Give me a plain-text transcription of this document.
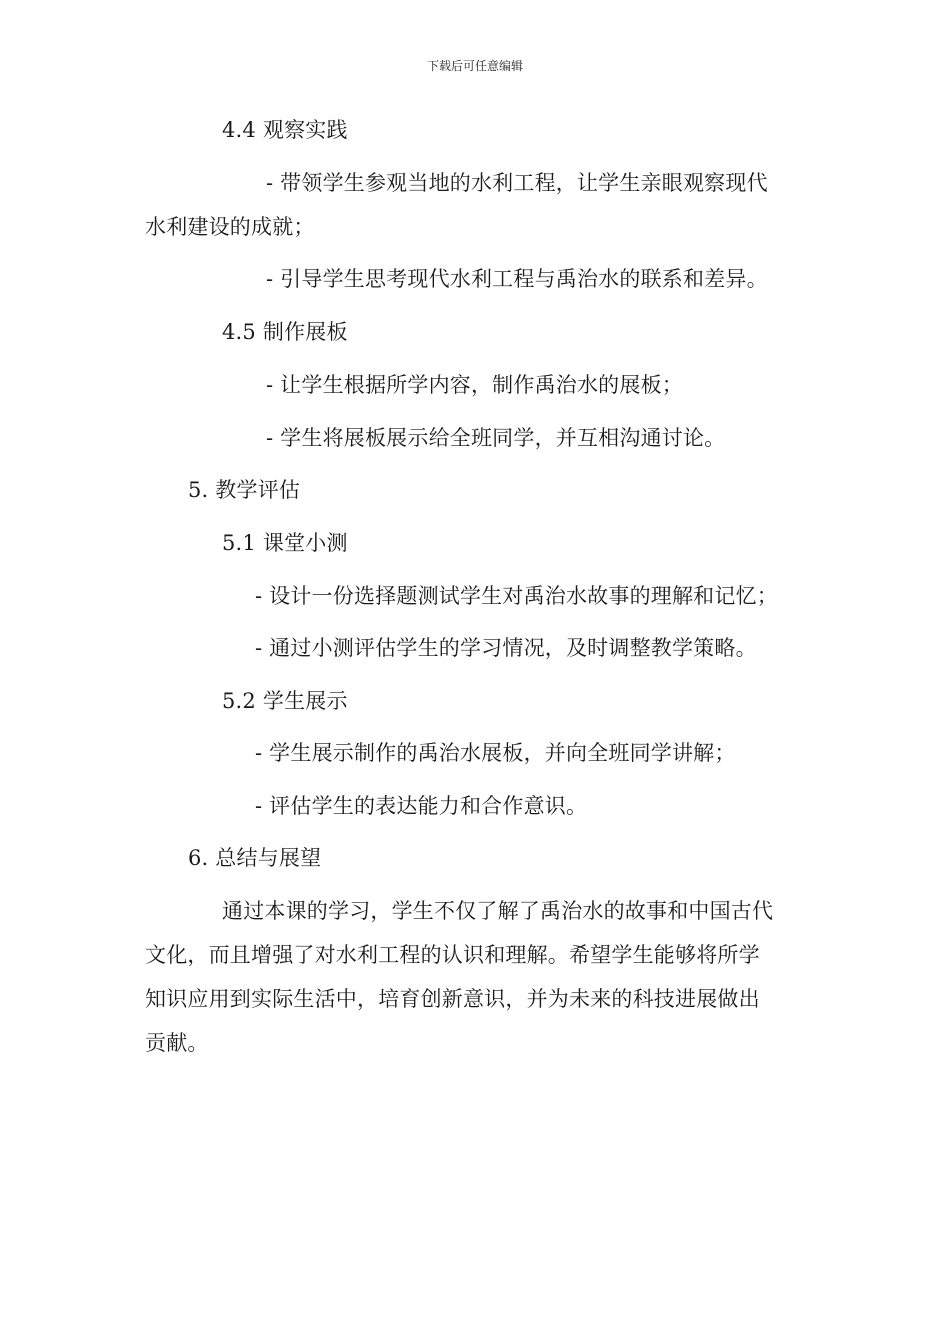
下载后可任意编辑
4.4 观察实践
- 带领学生参观当地的水利工程，让学生亲眼观察现代
水利建设的成就；
- 引导学生思考现代水利工程与禹治水的联系和差异。
4.5 制作展板
- 让学生根据所学内容，制作禹治水的展板；
- 学生将展板展示给全班同学，并互相沟通讨论。
5. 教学评估
5.1 课堂小测
- 设计一份选择题测试学生对禹治水故事的理解和记忆；
- 通过小测评估学生的学习情况，及时调整教学策略。
5.2 学生展示
- 学生展示制作的禹治水展板，并向全班同学讲解；
- 评估学生的表达能力和合作意识。
6. 总结与展望
通过本课的学习，学生不仅了解了禹治水的故事和中国古代
文化，而且增强了对水利工程的认识和理解。希望学生能够将所学
知识应用到实际生活中，培育创新意识，并为未来的科技进展做出
贡献。
